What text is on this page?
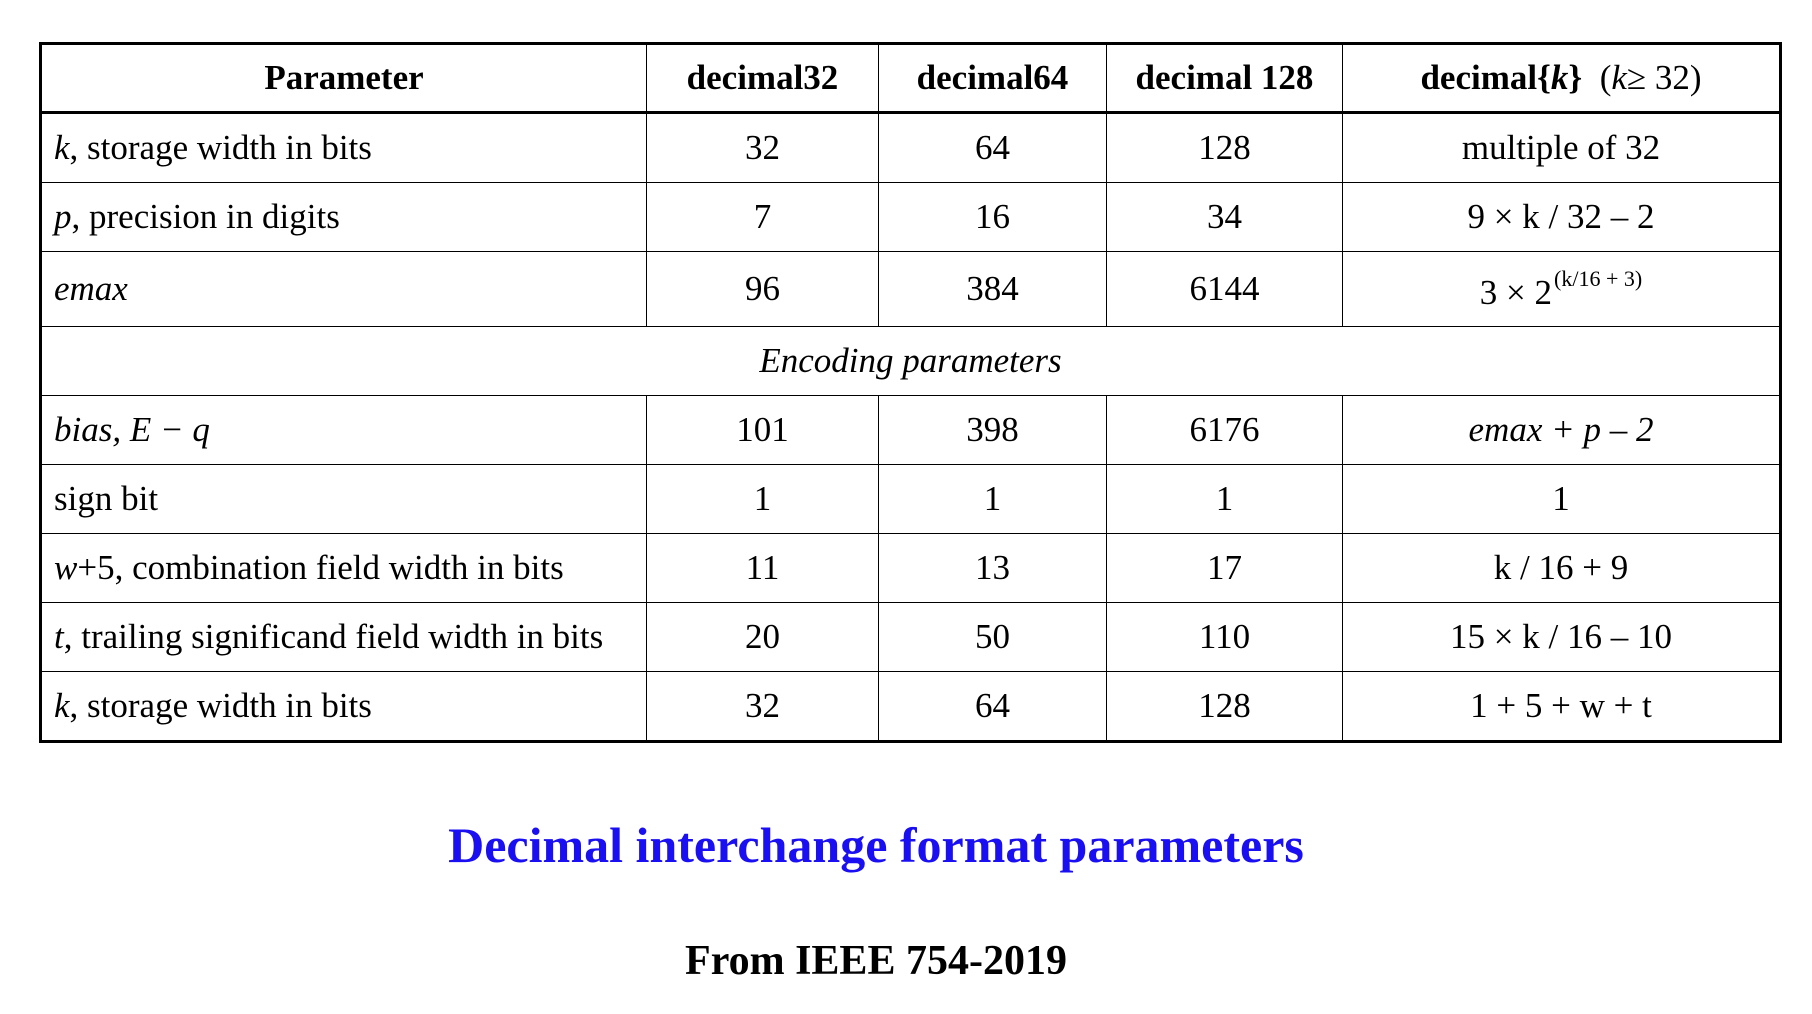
Parameter	decimal32	decimal64	decimal 128	decimal{k} (k≥ 32)
k, storage width in bits	32	64	128	multiple of 32
p, precision in digits	7	16	34	9 × k / 32 – 2
emax	96	384	6144	$3 \times 2^{(k/16 + 3)}$
Encoding parameters				
bias, E − q	101	398	6176	emax + p – 2
sign bit	1	1	1	1
w+5, combination field width in bits	11	13	17	k / 16 + 9
t, trailing significand field width in bits	20	50	110	15 × k / 16 – 10
k, storage width in bits	32	64	128	1 + 5 + w + t
Decimal interchange format parameters
From IEEE 754-2019
